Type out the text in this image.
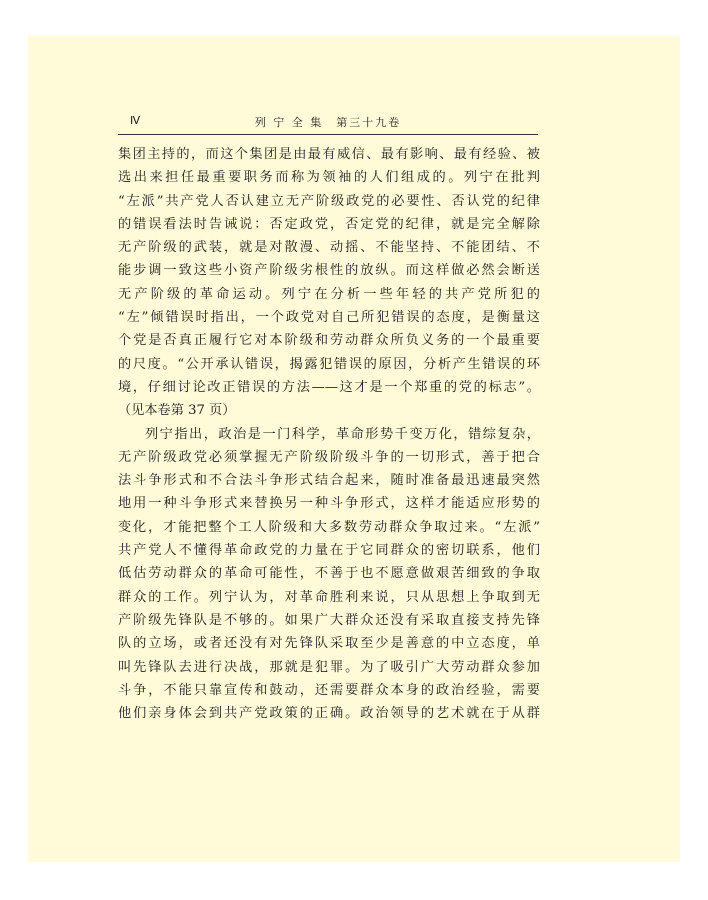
Ⅳ	列 宁 全 集　第三十九卷
集团主持的，而这个集团是由最有威信、最有影响、最有经验、被
选出来担任最重要职务而称为领袖的人们组成的。列宁在批判
“左派”共产党人否认建立无产阶级政党的必要性、否认党的纪律
的错误看法时告诫说：否定政党，否定党的纪律，就是完全解除
无产阶级的武装，就是对散漫、动摇、不能坚持、不能团结、不
能步调一致这些小资产阶级劣根性的放纵。而这样做必然会断送
无产阶级的革命运动。列宁在分析一些年轻的共产党所犯的
“左”倾错误时指出，一个政党对自己所犯错误的态度，是衡量这
个党是否真正履行它对本阶级和劳动群众所负义务的一个最重要
的尺度。“公开承认错误，揭露犯错误的原因，分析产生错误的环
境，仔细讨论改正错误的方法——这才是一个郑重的党的标志”。
（见本卷第 37 页）
列宁指出，政治是一门科学，革命形势千变万化，错综复杂，
无产阶级政党必须掌握无产阶级阶级斗争的一切形式，善于把合
法斗争形式和不合法斗争形式结合起来，随时准备最迅速最突然
地用一种斗争形式来替换另一种斗争形式，这样才能适应形势的
变化，才能把整个工人阶级和大多数劳动群众争取过来。“左派”
共产党人不懂得革命政党的力量在于它同群众的密切联系，他们
低估劳动群众的革命可能性，不善于也不愿意做艰苦细致的争取
群众的工作。列宁认为，对革命胜利来说，只从思想上争取到无
产阶级先锋队是不够的。如果广大群众还没有采取直接支持先锋
队的立场，或者还没有对先锋队采取至少是善意的中立态度，单
叫先锋队去进行决战，那就是犯罪。为了吸引广大劳动群众参加
斗争，不能只靠宣传和鼓动，还需要群众本身的政治经验，需要
他们亲身体会到共产党政策的正确。政治领导的艺术就在于从群
